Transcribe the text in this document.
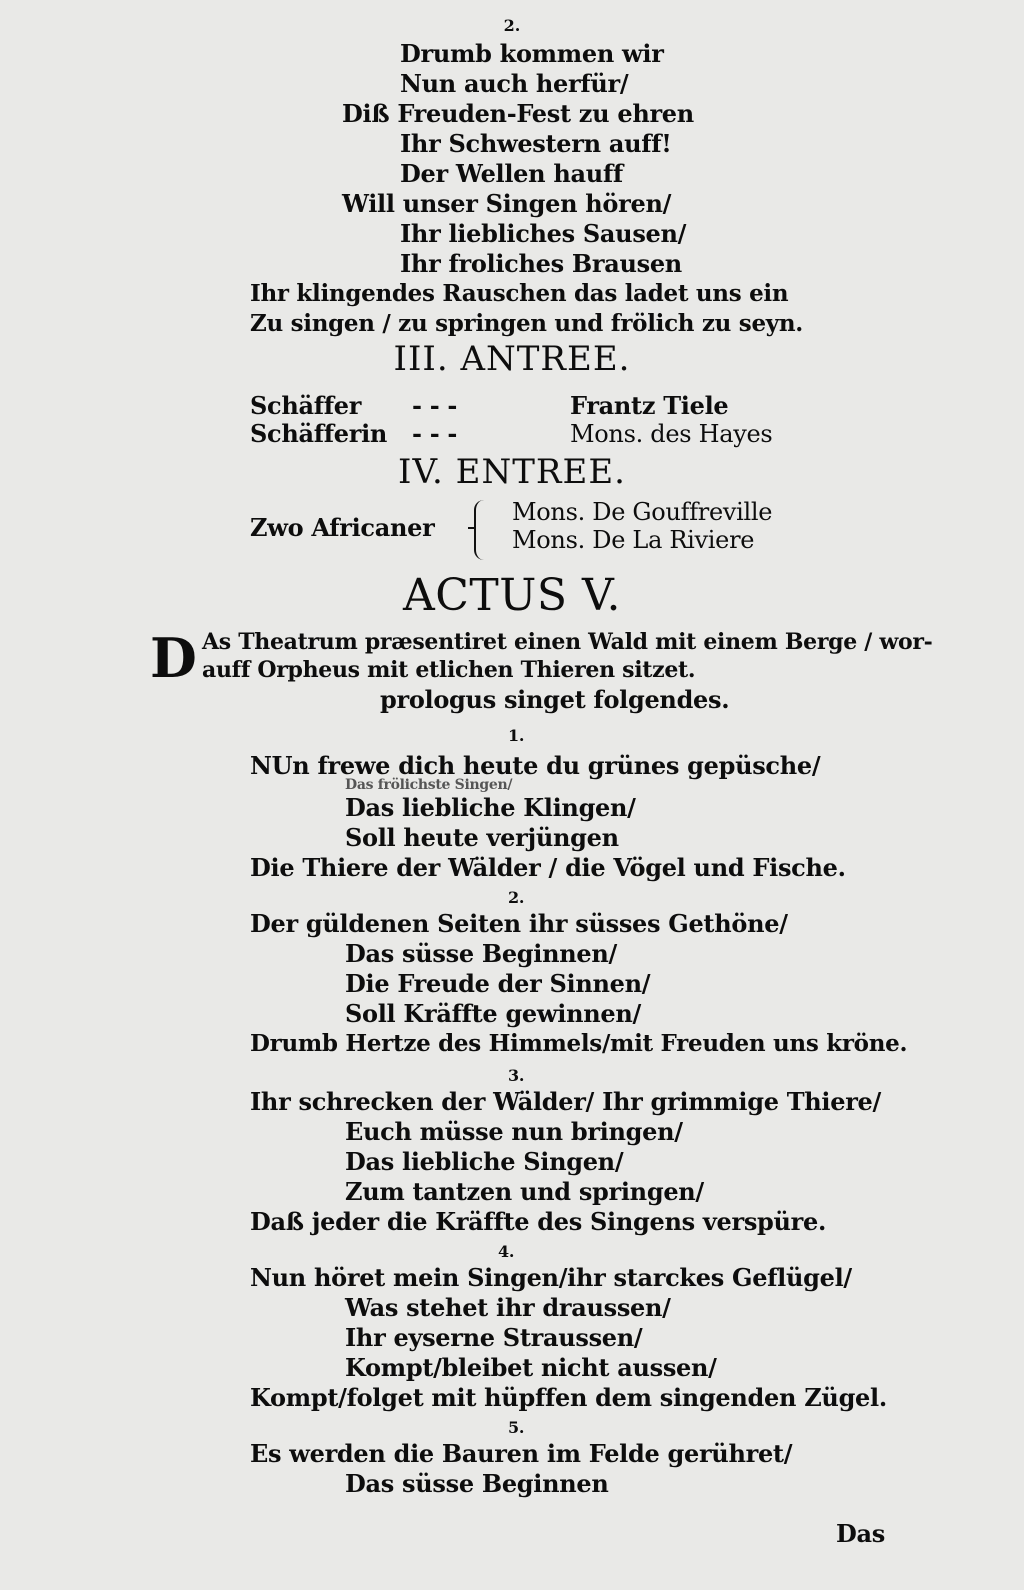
2.
Drumb kommen wir
Nun auch herfür/
Diß Freuden-Fest zu ehren
Ihr Schwestern auff!
Der Wellen hauff
Will unser Singen hören/
Ihr liebliches Sausen/
Ihr froliches Brausen
Ihr klingendes Rauschen das ladet uns ein
Zu singen / zu springen und frölich zu seyn.
III. ANTREE.
Schäffer - - -	Frantz Tiele
Schäfferin - - -	Mons. des Hayes
IV. ENTREE.
Zwo Africaner
Mons. De Gouffreville
Mons. De La Riviere
ACTUS V.
D As Theatrum præsentiret einen Wald mit einem Berge / wor-
auff Orpheus mit etlichen Thieren sitzet.
prologus singet folgendes.
1.
NUn frewe dich heute du grünes gepüsche/
Das frölichste Singen/
Das liebliche Klingen/
Soll heute verjüngen
Die Thiere der Wälder / die Vögel und Fische.
2.
Der güldenen Seiten ihr süsses Gethöne/
Das süsse Beginnen/
Die Freude der Sinnen/
Soll Kräffte gewinnen/
Drumb Hertze des Himmels/mit Freuden uns kröne.
3.
Ihr schrecken der Wälder/ Ihr grimmige Thiere/
Euch müsse nun bringen/
Das liebliche Singen/
Zum tantzen und springen/
Daß jeder die Kräffte des Singens verspüre.
4.
Nun höret mein Singen/ihr starckes Geflügel/
Was stehet ihr draussen/
Ihr eyserne Straussen/
Kompt/bleibet nicht aussen/
Kompt/folget mit hüpffen dem singenden Zügel.
5.
Es werden die Bauren im Felde gerühret/
Das süsse Beginnen
Das
